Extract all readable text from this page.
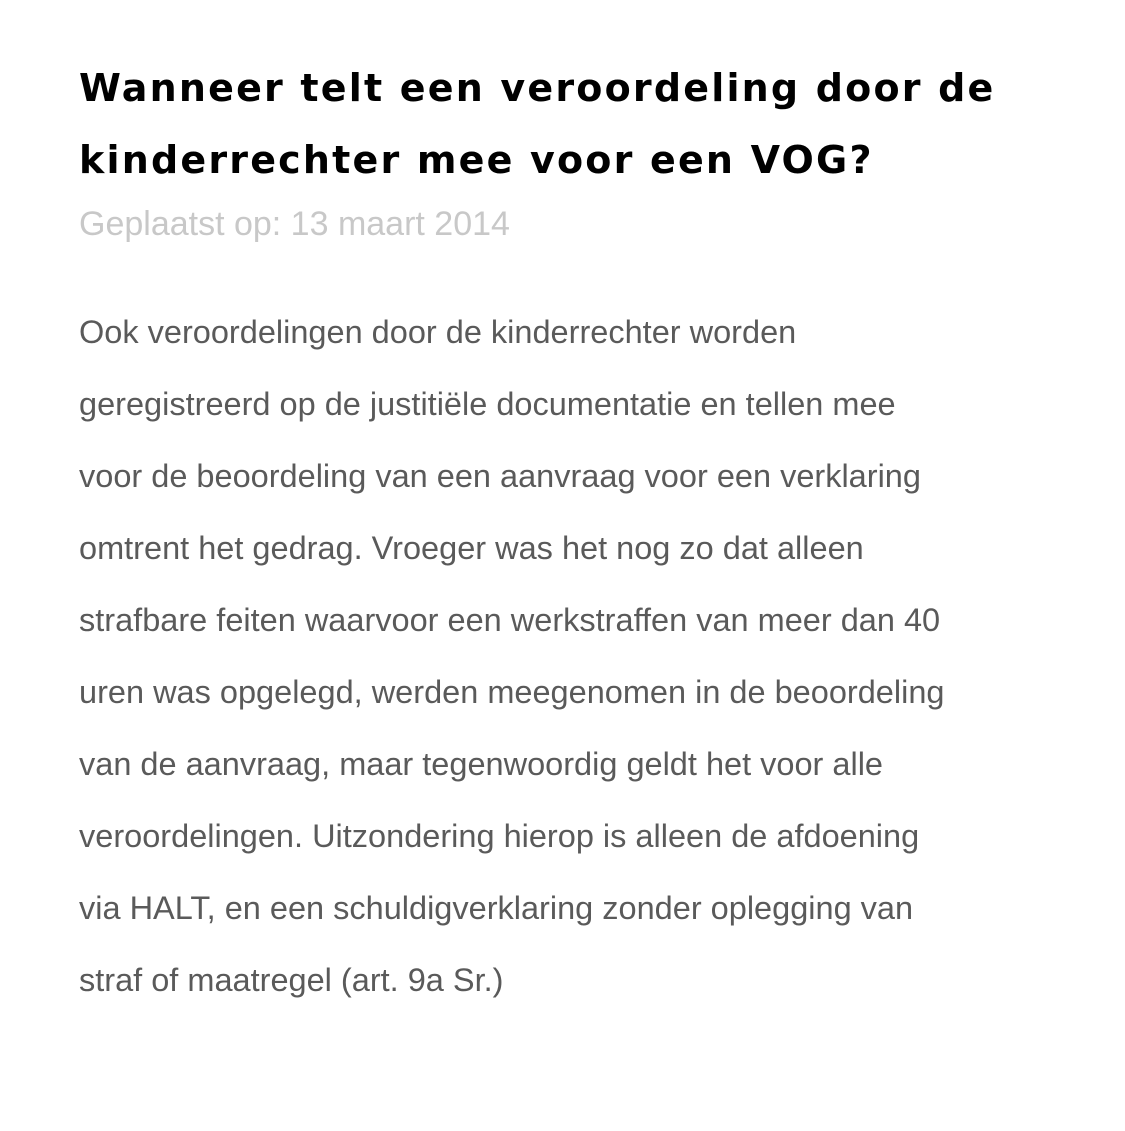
Wanneer telt een veroordeling door de
kinderrechter mee voor een VOG?

Geplaatst op: 13 maart 2014

Ook veroordelingen door de kinderrechter worden
geregistreerd op de justitiële documentatie en tellen mee
voor de beoordeling van een aanvraag voor een verklaring
omtrent het gedrag. Vroeger was het nog zo dat alleen
strafbare feiten waarvoor een werkstraffen van meer dan 40
uren was opgelegd, werden meegenomen in de beoordeling
van de aanvraag, maar tegenwoordig geldt het voor alle
veroordelingen. Uitzondering hierop is alleen de afdoening
via HALT, en een schuldigverklaring zonder oplegging van
straf of maatregel (art. 9a Sr.)
